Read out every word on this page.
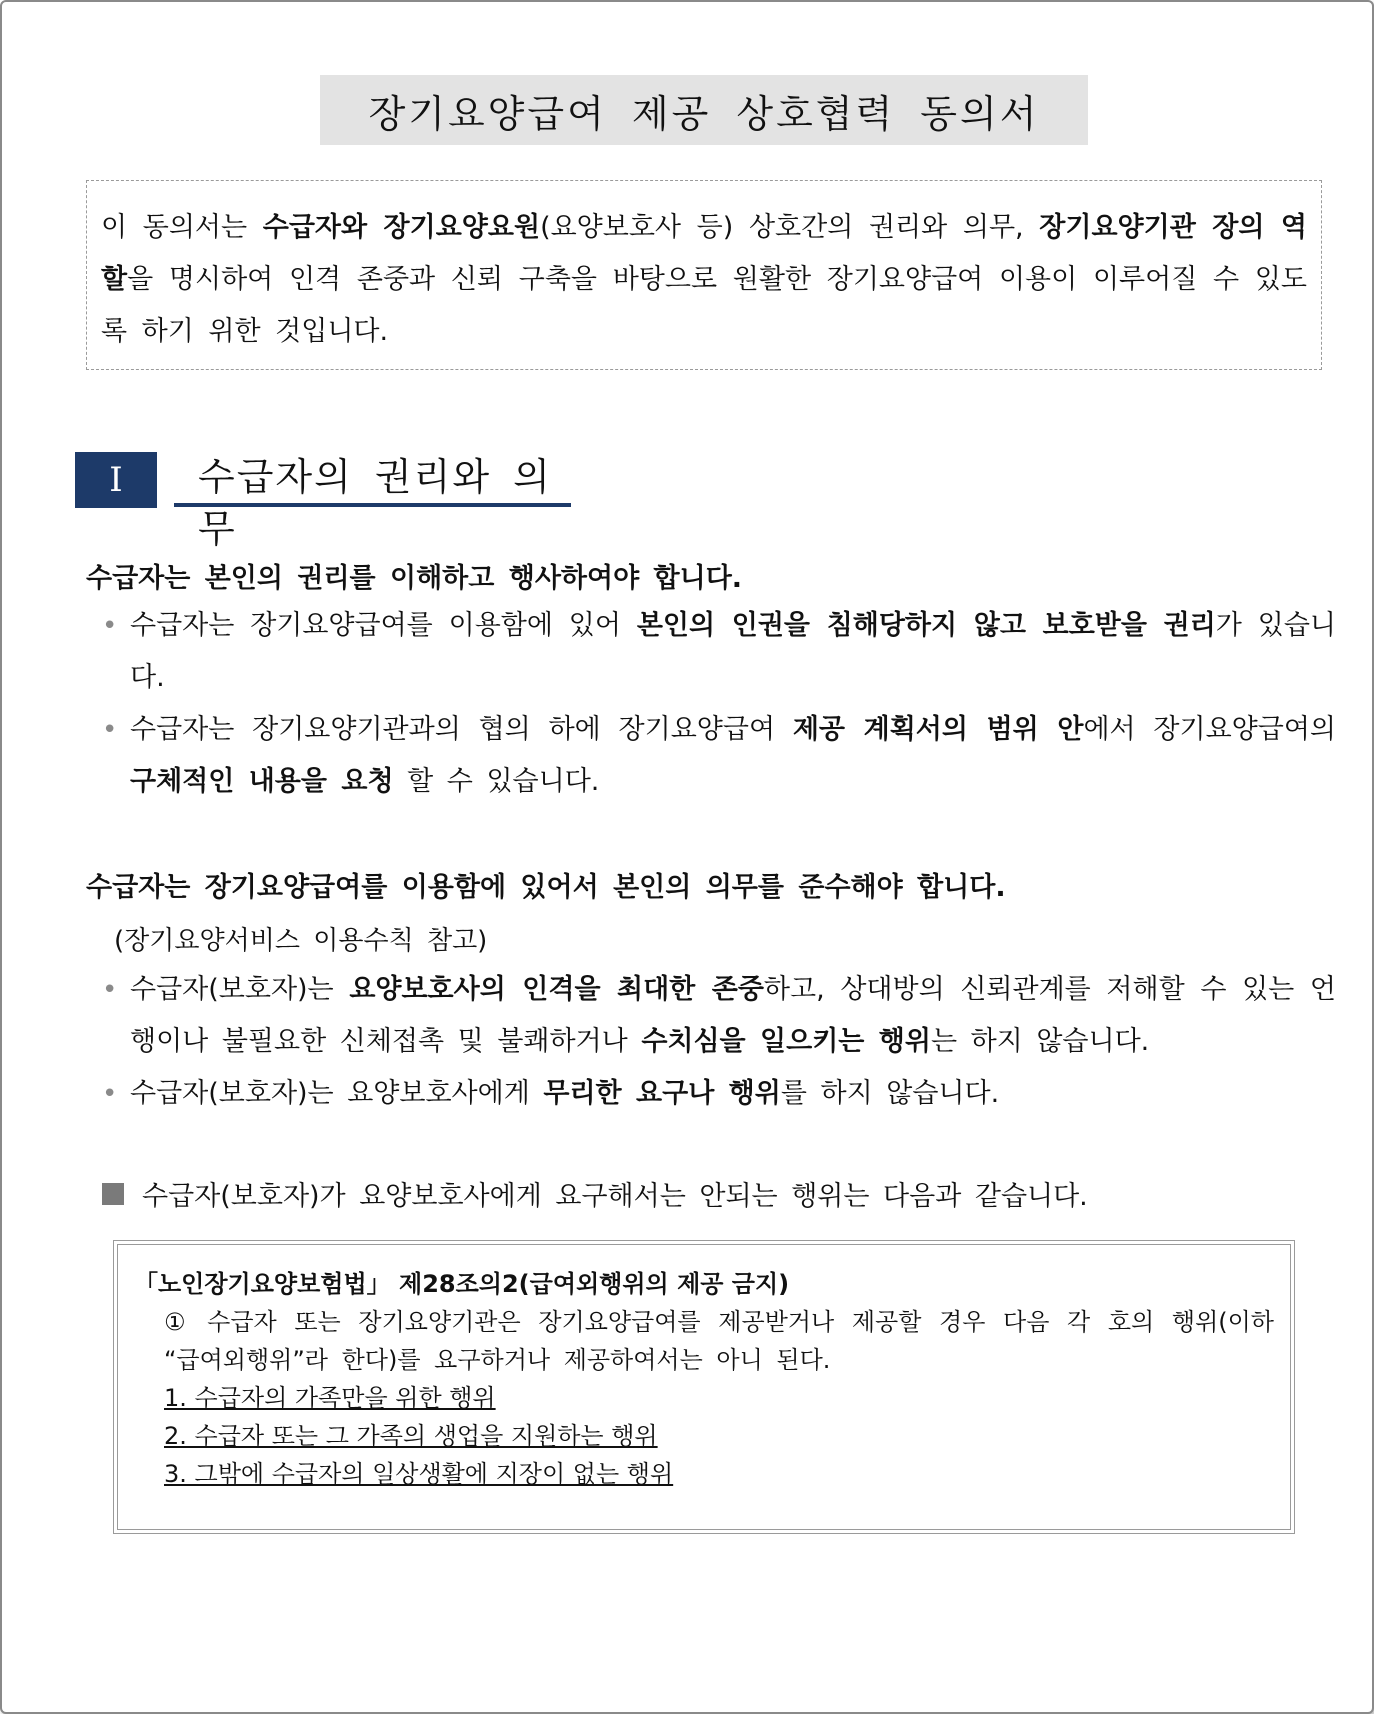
장기요양급여 제공 상호협력 동의서
이 동의서는 수급자와 장기요양요원(요양보호사 등) 상호간의 권리와 의무, 장기요양기관 장의 역할을 명시하여 인격 존중과 신뢰 구축을 바탕으로 원활한 장기요양급여 이용이 이루어질 수 있도록 하기 위한 것입니다.
I	수급자의 권리와 의무
수급자는 본인의 권리를 이해하고 행사하여야 합니다.
• 수급자는 장기요양급여를 이용함에 있어 본인의 인권을 침해당하지 않고 보호받을 권리가 있습니다.
• 수급자는 장기요양기관과의 협의 하에 장기요양급여 제공 계획서의 범위 안에서 장기요양급여의 구체적인 내용을 요청 할 수 있습니다.
수급자는 장기요양급여를 이용함에 있어서 본인의 의무를 준수해야 합니다.
(장기요양서비스 이용수칙 참고)
• 수급자(보호자)는 요양보호사의 인격을 최대한 존중하고, 상대방의 신뢰관계를 저해할 수 있는 언행이나 불필요한 신체접촉 및 불쾌하거나 수치심을 일으키는 행위는 하지 않습니다.
• 수급자(보호자)는 요양보호사에게 무리한 요구나 행위를 하지 않습니다.
수급자(보호자)가 요양보호사에게 요구해서는 안되는 행위는 다음과 같습니다.
「노인장기요양보험법」 제28조의2(급여외행위의 제공 금지)
① 수급자 또는 장기요양기관은 장기요양급여를 제공받거나 제공할 경우 다음 각 호의 행위(이하 “급여외행위”라 한다)를 요구하거나 제공하여서는 아니 된다.
1. 수급자의 가족만을 위한 행위
2. 수급자 또는 그 가족의 생업을 지원하는 행위
3. 그밖에 수급자의 일상생활에 지장이 없는 행위
